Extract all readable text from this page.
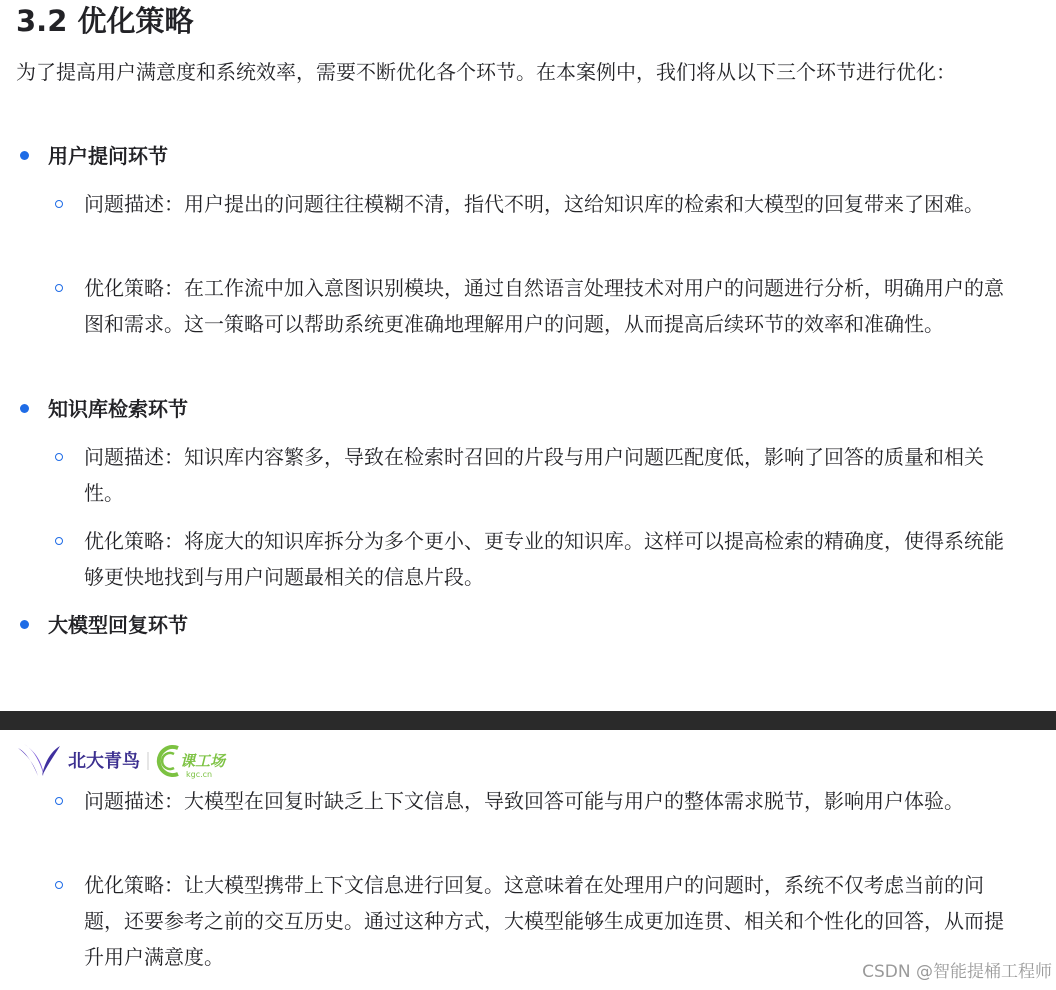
3.2 优化策略

为了提高用户满意度和系统效率，需要不断优化各个环节。在本案例中，我们将从以下三个环节进行优化：

用户提问环节
问题描述：用户提出的问题往往模糊不清，指代不明，这给知识库的检索和大模型的回复带来了困难。
优化策略：在工作流中加入意图识别模块，通过自然语言处理技术对用户的问题进行分析，明确用户的意图和需求。这一策略可以帮助系统更准确地理解用户的问题，从而提高后续环节的效率和准确性。
知识库检索环节
问题描述：知识库内容繁多，导致在检索时召回的片段与用户问题匹配度低，影响了回答的质量和相关性。
优化策略：将庞大的知识库拆分为多个更小、更专业的知识库。这样可以提高检索的精确度，使得系统能够更快地找到与用户问题最相关的信息片段。
大模型回复环节
北大青鸟	课工场
kgc.cn
问题描述：大模型在回复时缺乏上下文信息，导致回答可能与用户的整体需求脱节，影响用户体验。
优化策略：让大模型携带上下文信息进行回复。这意味着在处理用户的问题时，系统不仅考虑当前的问题，还要参考之前的交互历史。通过这种方式，大模型能够生成更加连贯、相关和个性化的回答，从而提升用户满意度。
CSDN @智能提桶工程师
